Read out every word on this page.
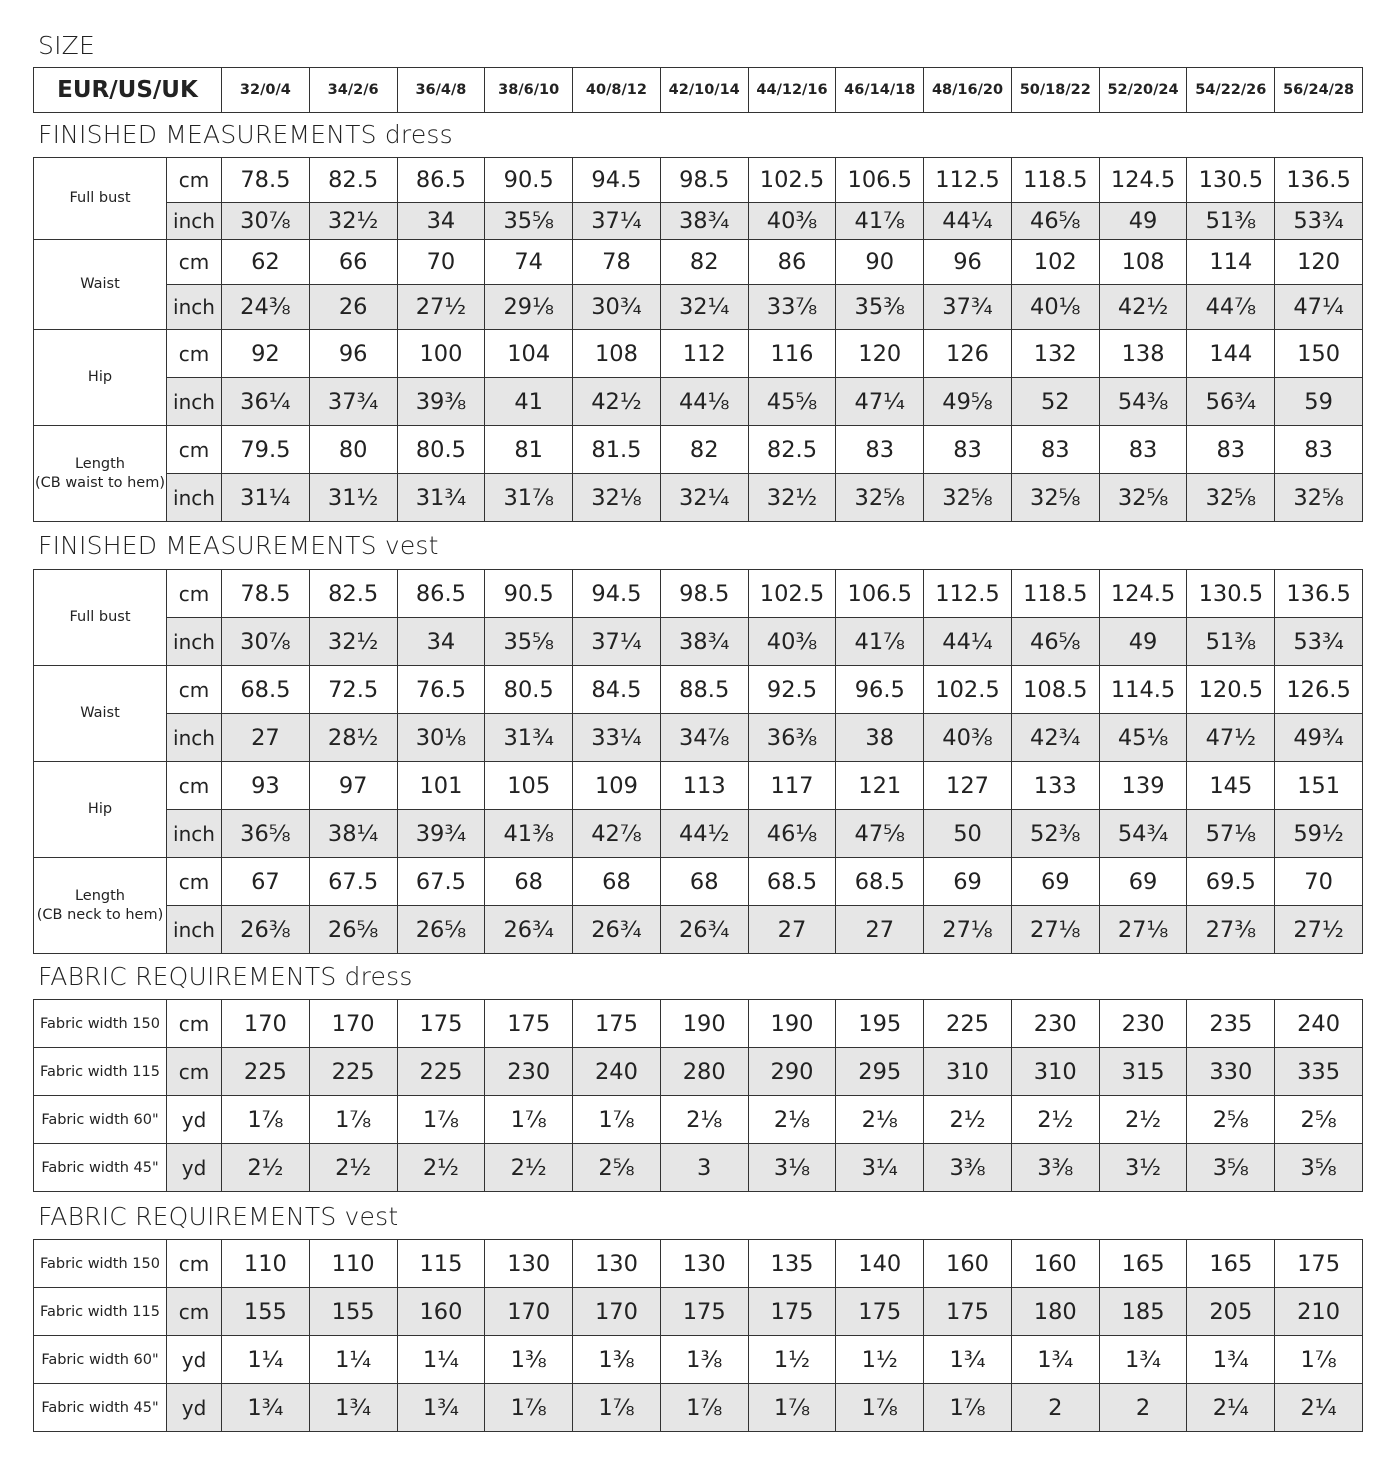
SIZE
EUR/US/UK	32/0/4	34/2/6	36/4/8	38/6/10	40/8/12	42/10/14	44/12/16	46/14/18	48/16/20	50/18/22	52/20/24	54/22/26	56/24/28
FINISHED MEASUREMENTS dress
Full bust	cm	78.5	82.5	86.5	90.5	94.5	98.5	102.5	106.5	112.5	118.5	124.5	130.5	136.5
	inch	30⅞	32½	34	35⅝	37¼	38¾	40⅜	41⅞	44¼	46⅝	49	51⅜	53¾

Waist	cm	62	66	70	74	78	82	86	90	96	102	108	114	120
	inch	24⅜	26	27½	29⅛	30¾	32¼	33⅞	35⅜	37¾	40⅛	42½	44⅞	47¼

Hip	cm	92	96	100	104	108	112	116	120	126	132	138	144	150
	inch	36¼	37¾	39⅜	41	42½	44⅛	45⅝	47¼	49⅝	52	54⅜	56¾	59

Length
(CB waist to hem)	cm	79.5	80	80.5	81	81.5	82	82.5	83	83	83	83	83	83
	inch	31¼	31½	31¾	31⅞	32⅛	32¼	32½	32⅝	32⅝	32⅝	32⅝	32⅝	32⅝
FINISHED MEASUREMENTS vest
Full bust	cm	78.5	82.5	86.5	90.5	94.5	98.5	102.5	106.5	112.5	118.5	124.5	130.5	136.5
	inch	30⅞	32½	34	35⅝	37¼	38¾	40⅜	41⅞	44¼	46⅝	49	51⅜	53¾

Waist	cm	68.5	72.5	76.5	80.5	84.5	88.5	92.5	96.5	102.5	108.5	114.5	120.5	126.5
	inch	27	28½	30⅛	31¾	33¼	34⅞	36⅜	38	40⅜	42¾	45⅛	47½	49¾

Hip	cm	93	97	101	105	109	113	117	121	127	133	139	145	151
	inch	36⅝	38¼	39¾	41⅜	42⅞	44½	46⅛	47⅝	50	52⅜	54¾	57⅛	59½

Length
(CB neck to hem)	cm	67	67.5	67.5	68	68	68	68.5	68.5	69	69	69	69.5	70
	inch	26⅜	26⅝	26⅝	26¾	26¾	26¾	27	27	27⅛	27⅛	27⅛	27⅜	27½
FABRIC REQUIREMENTS dress
Fabric width 150	cm	170	170	175	175	175	190	190	195	225	230	230	235	240
Fabric width 115	cm	225	225	225	230	240	280	290	295	310	310	315	330	335
Fabric width 60"	yd	1⅞	1⅞	1⅞	1⅞	1⅞	2⅛	2⅛	2⅛	2½	2½	2½	2⅝	2⅝
Fabric width 45"	yd	2½	2½	2½	2½	2⅝	3	3⅛	3¼	3⅜	3⅜	3½	3⅝	3⅝
FABRIC REQUIREMENTS vest
Fabric width 150	cm	110	110	115	130	130	130	135	140	160	160	165	165	175
Fabric width 115	cm	155	155	160	170	170	175	175	175	175	180	185	205	210
Fabric width 60"	yd	1¼	1¼	1¼	1⅜	1⅜	1⅜	1½	1½	1¾	1¾	1¾	1¾	1⅞
Fabric width 45"	yd	1¾	1¾	1¾	1⅞	1⅞	1⅞	1⅞	1⅞	1⅞	2	2	2¼	2¼
